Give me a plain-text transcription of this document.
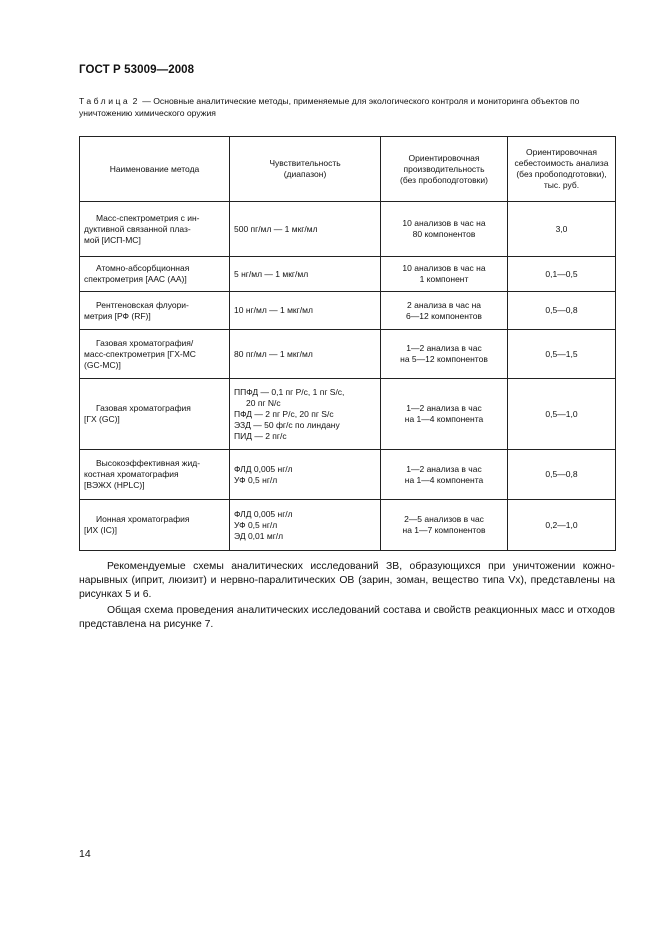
ГОСТ Р 53009—2008
Таблица 2 — Основные аналитические методы, применяемые для экологического контроля и мониторинга объектов по уничтожению химического оружия
Наименование метода	Чувствительность
(диапазон)	Ориентировочная
производительность
(без пробоподготовки)	Ориентировочная
себестоимость анализа
(без пробоподготовки),
тыс. руб.

Масс-спектрометрия с ин-
дуктивной связанной плаз-
мой [ИСП-МС]	500 пг/мл — 1 мкг/мл	10 анализов в час на
80 компонентов	3,0

Атомно-абсорбционная
спектрометрия [ААС (АА)]	5 нг/мл — 1 мкг/мл	10 анализов в час на
1 компонент	0,1—0,5

Рентгеновская флуори-
метрия [РФ (RF)]	10 нг/мл — 1 мкг/мл	2 анализа в час на
6—12 компонентов	0,5—0,8

Газовая хроматография/
масс-спектрометрия [ГХ-МС
(GC-MC)]	80 пг/мл — 1 мкг/мл	1—2 анализа в час
на 5—12 компонентов	0,5—1,5

Газовая хроматография
[ГХ (GC)]	ППФД — 0,1 пг P/c, 1 пг S/c,
20 пг N/c
ПФД — 2 пг P/c, 20 пг S/c
ЭЗД — 50 фг/с по линдану
ПИД — 2 пг/с	1—2 анализа в час
на 1—4 компонента	0,5—1,0

Высокоэффективная жид-
костная хроматография
[ВЭЖХ (HPLC)]	ФЛД 0,005 нг/л
УФ 0,5 нг/л	1—2 анализа в час
на 1—4 компонента	0,5—0,8

Ионная хроматография
[ИХ (IC)]	ФЛД 0,005 нг/л
УФ 0,5 нг/л
ЭД 0,01 мг/л	2—5 анализов в час
на 1—7 компонентов	0,2—1,0

Рекомендуемые схемы аналитических исследований ЗВ, образующихся при уничтожении кожно-нарывных (иприт, люизит) и нервно-паралитических ОВ (зарин, зоман, вещество типа Vx), представлены на рисунках 5 и 6.

Общая схема проведения аналитических исследований состава и свойств реакционных масс и отходов представлена на рисунке 7.

14
